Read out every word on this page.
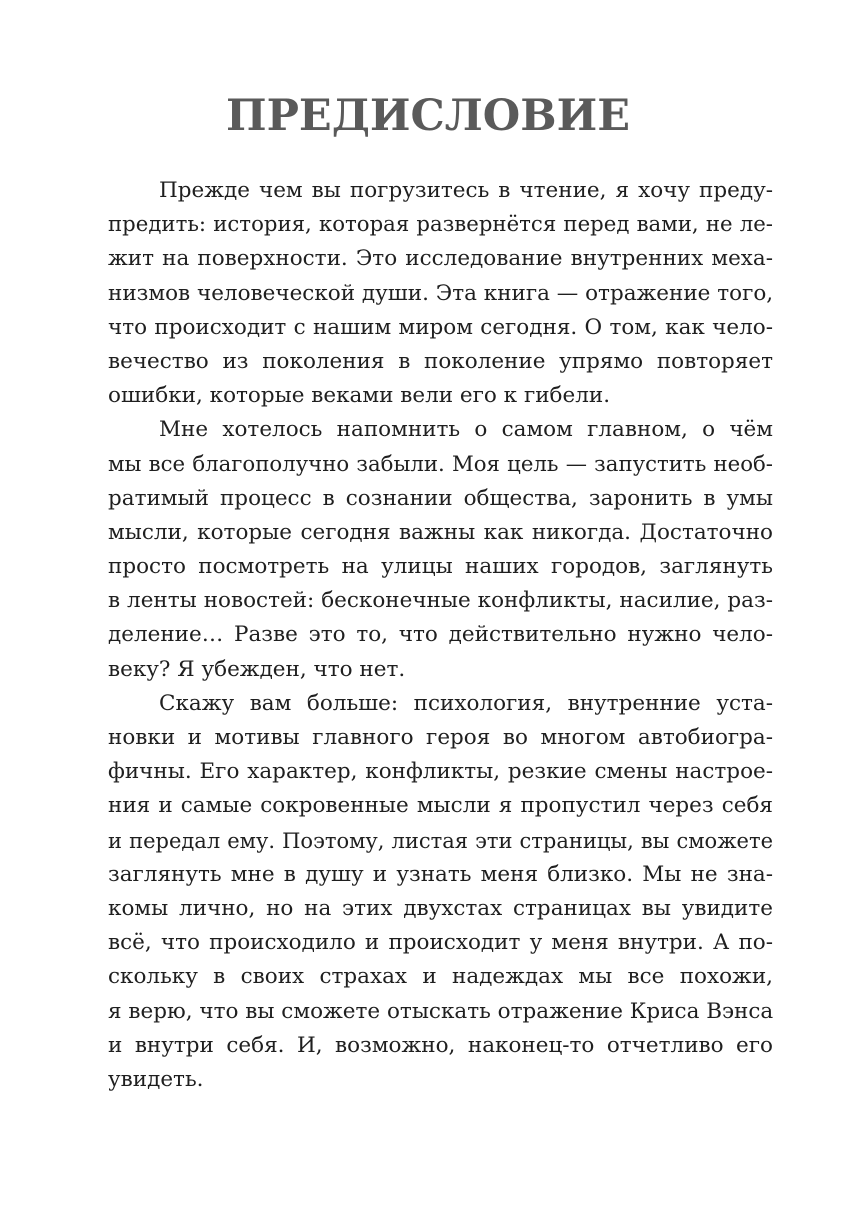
ПРЕДИСЛОВИЕ
Прежде чем вы погрузитесь в чтение, я хочу преду-
предить: история, которая развернётся перед вами, не ле-
жит на поверхности. Это исследование внутренних меха-
низмов человеческой души. Эта книга — отражение того,
что происходит с нашим миром сегодня. О том, как чело-
вечество из поколения в поколение упрямо повторяет
ошибки, которые веками вели его к гибели.
Мне хотелось напомнить о самом главном, о чём
мы все благополучно забыли. Моя цель — запустить необ-
ратимый процесс в сознании общества, заронить в умы
мысли, которые сегодня важны как никогда. Достаточно
просто посмотреть на улицы наших городов, заглянуть
в ленты новостей: бесконечные конфликты, насилие, раз-
деление… Разве это то, что действительно нужно чело-
веку? Я убежден, что нет.
Скажу вам больше: психология, внутренние уста-
новки и мотивы главного героя во многом автобиогра-
фичны. Его характер, конфликты, резкие смены настрое-
ния и самые сокровенные мысли я пропустил через себя
и передал ему. Поэтому, листая эти страницы, вы сможете
заглянуть мне в душу и узнать меня близко. Мы не зна-
комы лично, но на этих двухстах страницах вы увидите
всё, что происходило и происходит у меня внутри. А по-
скольку в своих страхах и надеждах мы все похожи,
я верю, что вы сможете отыскать отражение Криса Вэнса
и внутри себя. И, возможно, наконец-то отчетливо его
увидеть.
